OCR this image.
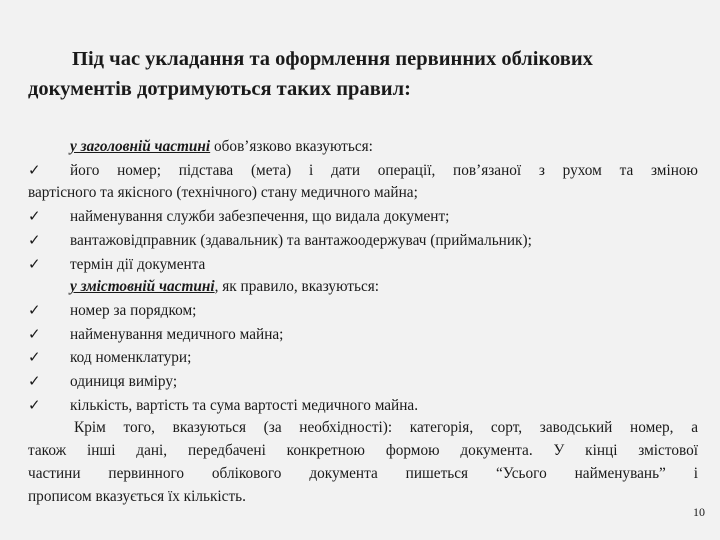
Під час укладання та оформлення первинних облікових документів дотримуються таких правил:
у заголовній частині обов’язково вказуються:
✓	його номер; підстава (мета) і дати операції, пов’язаної з рухом та зміною
вартісного та якісного (технічного) стану медичного майна;
✓	найменування служби забезпечення, що видала документ;
✓	вантажовідправник (здавальник) та вантажоодержувач (приймальник);
✓	термін дії документа
у змістовній частині, як правило, вказуються:
✓	номер за порядком;
✓	найменування медичного майна;
✓	код номенклатури;
✓	одиниця виміру;
✓	кількість, вартість та сума вартості медичного майна.
Крім того, вказуються (за необхідності): категорія, сорт, заводський номер, а
також інші дані, передбачені конкретною формою документа. У кінці змістової
частини первинного облікового документа пишеться “Усього найменувань” і
прописом вказується їх кількість.
10
